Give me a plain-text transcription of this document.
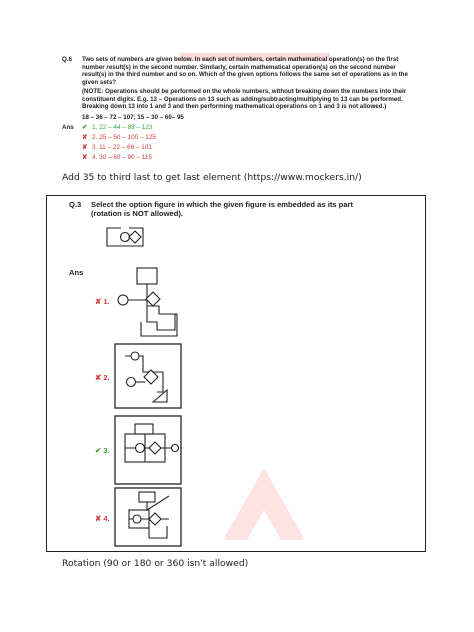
Q.6 Two sets of numbers are given below. In each set of numbers, certain mathematical operation(s) on the first number result(s) in the second number. Similarly, certain mathematical operation(s) on the second number result(s) in the third number and so on. Which of the given options follows the same set of operations as in the given sets?
(NOTE: Operations should be performed on the whole numbers, without breaking down the numbers into their constituent digits. E.g. 13 – Operations on 13 such as adding/subtracting/multiplying to 13 can be performed. Breaking down 13 into 1 and 3 and then performing mathematical operations on 1 and 3 is not allowed.)
18 – 36 – 72 – 107; 15 – 30 – 60– 95
Ans ✔ 1. 22 – 44 – 88 – 123
✘ 2. 25 – 50 – 100 – 125
✘ 3. 11 – 22 – 66 – 101
✘ 4. 30 – 60 – 90 – 115
Add 35 to third last to get last element (https://www.mockers.in/)
Q.3 Select the option figure in which the given figure is embedded as its part
(rotation is NOT allowed).
Ans
✘ 1.
✘ 2.
✔ 3.
✘ 4.
Rotation (90 or 180 or 360 isn't allowed)
